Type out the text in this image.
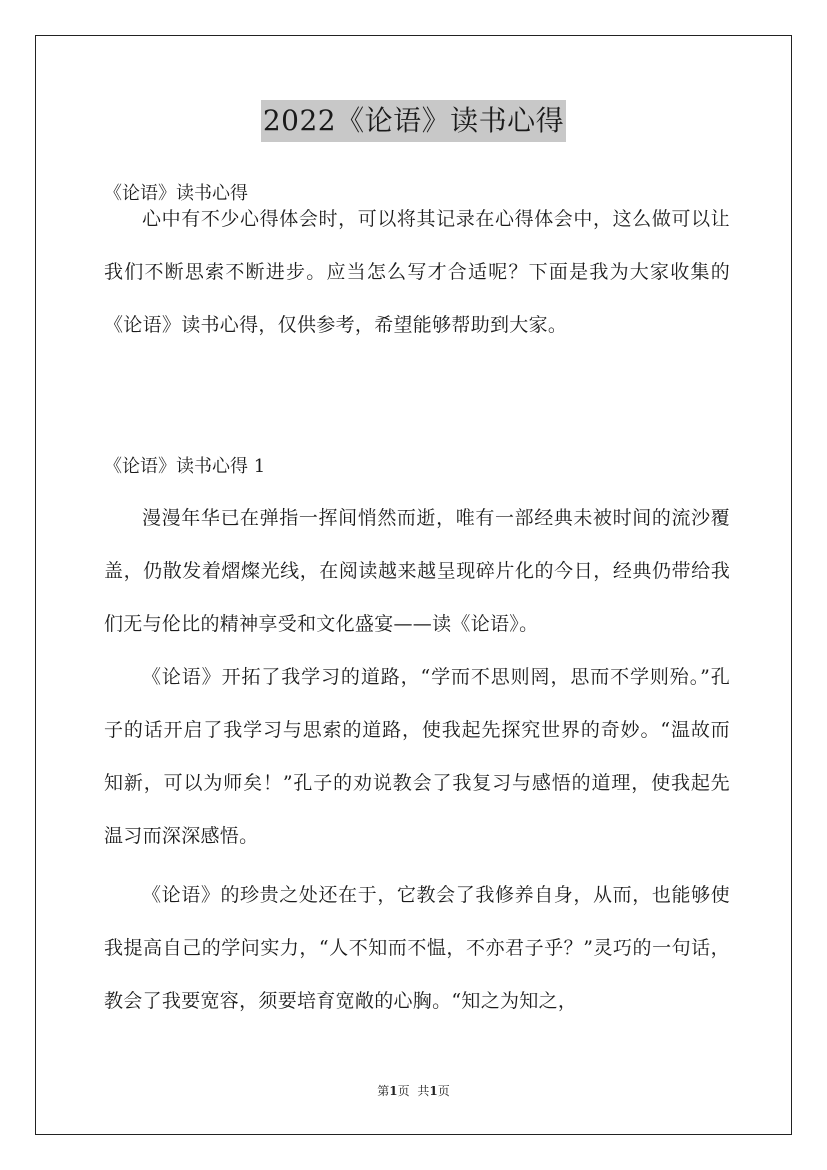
2022《论语》读书心得
《论语》读书心得
心中有不少心得体会时，可以将其记录在心得体会中，这么做可以让我们不断思索不断进步。应当怎么写才合适呢？下面是我为大家收集的《论语》读书心得，仅供参考，希望能够帮助到大家。
《论语》读书心得 1
漫漫年华已在弹指一挥间悄然而逝，唯有一部经典未被时间的流沙覆盖，仍散发着熠燦光线，在阅读越来越呈现碎片化的今日，经典仍带给我们无与伦比的精神享受和文化盛宴——读《论语》。
《论语》开拓了我学习的道路，“学而不思则罔，思而不学则殆。”孔子的话开启了我学习与思索的道路，使我起先探究世界的奇妙。“温故而知新，可以为师矣！”孔子的劝说教会了我复习与感悟的道理，使我起先温习而深深感悟。
《论语》的珍贵之处还在于，它教会了我修养自身，从而，也能够使我提高自己的学问实力，“人不知而不愠，不亦君子乎？”灵巧的一句话，教会了我要宽容，须要培育宽敞的心胸。“知之为知之，
第1页 共1页
